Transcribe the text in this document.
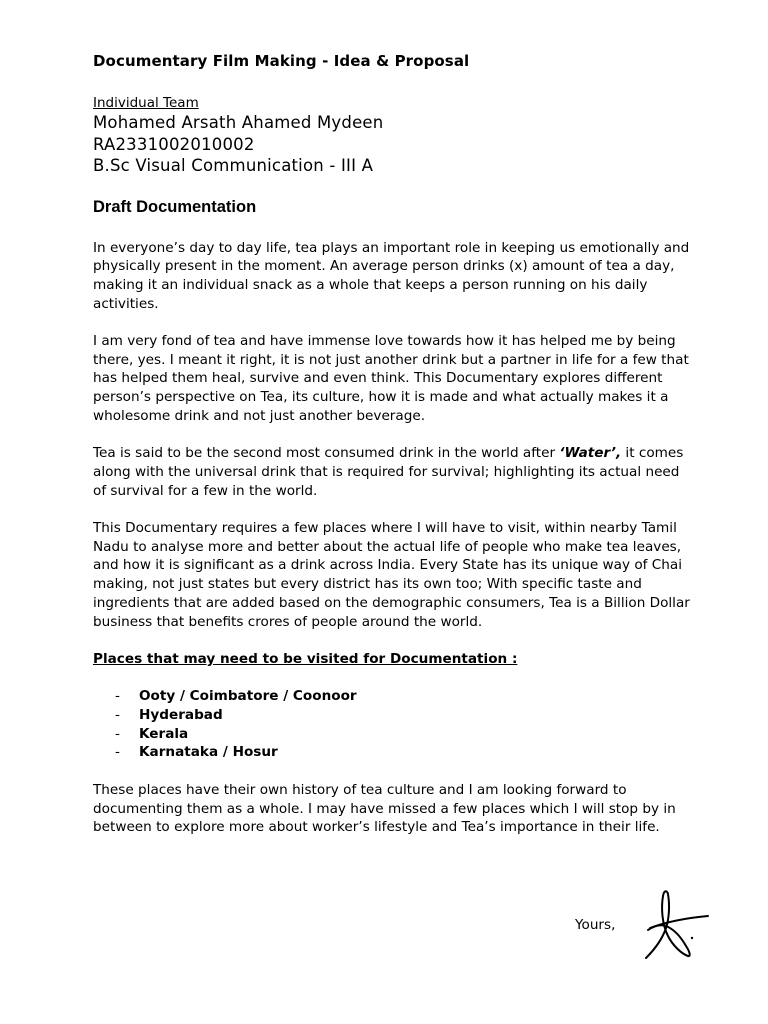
Documentary Film Making - Idea & Proposal
Individual Team
Mohamed Arsath Ahamed Mydeen
RA2331002010002
B.Sc Visual Communication - III A
Draft Documentation

In everyone’s day to day life, tea plays an important role in keeping us emotionally and physically present in the moment. An average person drinks (x) amount of tea a day, making it an individual snack as a whole that keeps a person running on his daily activities.

I am very fond of tea and have immense love towards how it has helped me by being there, yes. I meant it right, it is not just another drink but a partner in life for a few that has helped them heal, survive and even think. This Documentary explores different person’s perspective on Tea, its culture, how it is made and what actually makes it a wholesome drink and not just another beverage.

Tea is said to be the second most consumed drink in the world after ‘Water’, it comes along with the universal drink that is required for survival; highlighting its actual need of survival for a few in the world.

This Documentary requires a few places where I will have to visit, within nearby Tamil Nadu to analyse more and better about the actual life of people who make tea leaves, and how it is significant as a drink across India. Every State has its unique way of Chai making, not just states but every district has its own too; With specific taste and ingredients that are added based on the demographic consumers, Tea is a Billion Dollar business that benefits crores of people around the world.

Places that may need to be visited for Documentation :
- Ooty / Coimbatore / Coonoor
- Hyderabad
- Kerala
- Karnataka / Hosur

These places have their own history of tea culture and I am looking forward to documenting them as a whole. I may have missed a few places which I will stop by in between to explore more about worker’s lifestyle and Tea’s importance in their life.

Yours,
